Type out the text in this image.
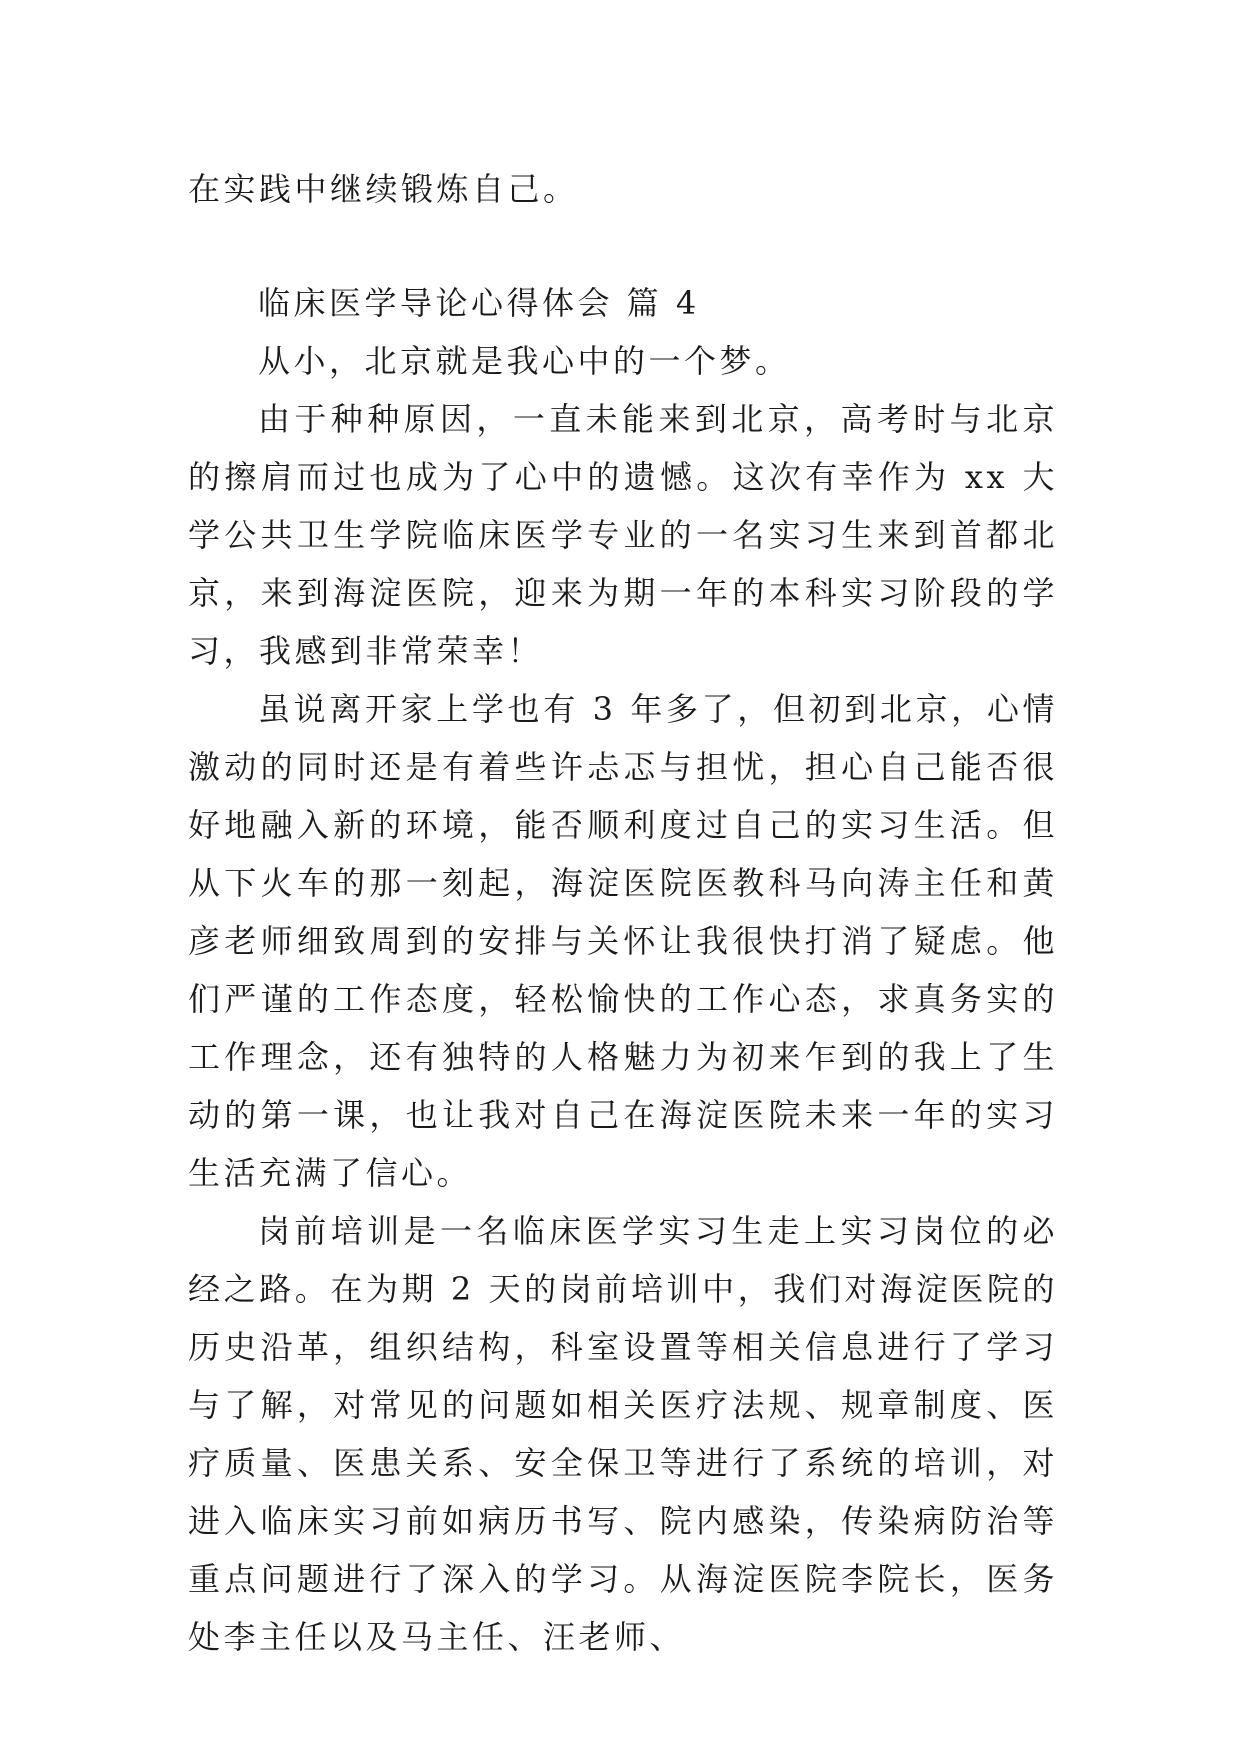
在实践中继续锻炼自己。
临床医学导论心得体会 篇 4

从小，北京就是我心中的一个梦。

由于种种原因，一直未能来到北京，高考时与北京的擦肩而过也成为了心中的遗憾。这次有幸作为 xx 大学公共卫生学院临床医学专业的一名实习生来到首都北京，来到海淀医院，迎来为期一年的本科实习阶段的学习，我感到非常荣幸！

虽说离开家上学也有 3 年多了，但初到北京，心情激动的同时还是有着些许忐忑与担忧，担心自己能否很好地融入新的环境，能否顺利度过自己的实习生活。但从下火车的那一刻起，海淀医院医教科马向涛主任和黄彦老师细致周到的安排与关怀让我很快打消了疑虑。他们严谨的工作态度，轻松愉快的工作心态，求真务实的工作理念，还有独特的人格魅力为初来乍到的我上了生动的第一课，也让我对自己在海淀医院未来一年的实习生活充满了信心。

岗前培训是一名临床医学实习生走上实习岗位的必经之路。在为期 2 天的岗前培训中，我们对海淀医院的历史沿革，组织结构，科室设置等相关信息进行了学习与了解，对常见的问题如相关医疗法规、规章制度、医疗质量、医患关系、安全保卫等进行了系统的培训，对进入临床实习前如病历书写、院内感染，传染病防治等重点问题进行了深入的学习。从海淀医院李院长，医务处李主任以及马主任、汪老师、
